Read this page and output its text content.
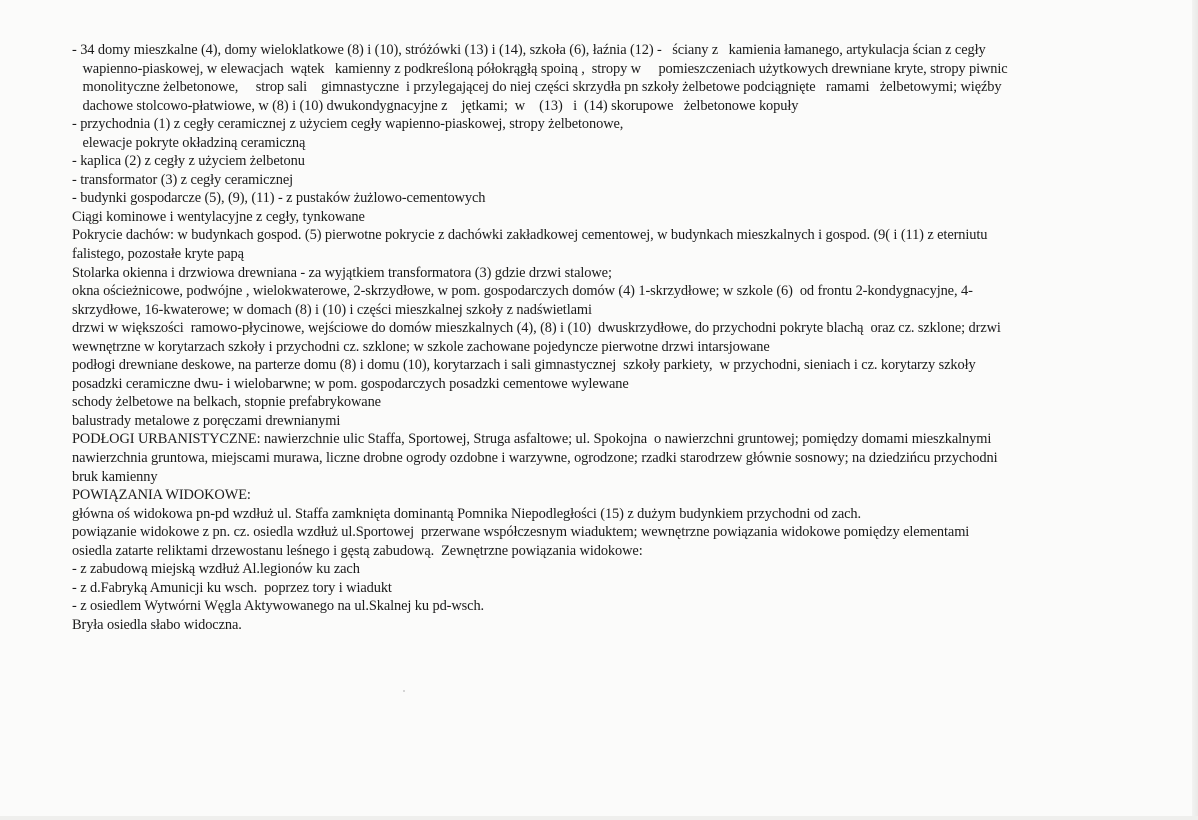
- 34 domy mieszkalne (4), domy wieloklatkowe (8) i (10), stróżówki (13) i (14), szkoła (6), łaźnia (12) -   ściany z   kamienia łamanego, artykulacja ścian z cegły
wapienno-piaskowej, w elewacjach  wątek   kamienny z podkreśloną półokrągłą spoiną ,  stropy w     pomieszczeniach użytkowych drewniane kryte, stropy piwnic
monolityczne żelbetonowe,     strop sali    gimnastyczne  i przylegającej do niej części skrzydła pn szkoły żelbetowe podciągnięte   ramami   żelbetowymi; więźby
dachowe stolcowo-płatwiowe, w (8) i (10) dwukondygnacyjne z    jętkami;  w    (13)   i  (14) skorupowe   żelbetonowe kopuły
- przychodnia (1) z cegły ceramicznej z użyciem cegły wapienno-piaskowej, stropy żelbetonowe,
elewacje pokryte okładziną ceramiczną
- kaplica (2) z cegły z użyciem żelbetonu
- transformator (3) z cegły ceramicznej
- budynki gospodarcze (5), (9), (11) - z pustaków żużlowo-cementowych
Ciągi kominowe i wentylacyjne z cegły, tynkowane
Pokrycie dachów: w budynkach gospod. (5) pierwotne pokrycie z dachówki zakładkowej cementowej, w budynkach mieszkalnych i gospod. (9( i (11) z eterniutu
falistego, pozostałe kryte papą
Stolarka okienna i drzwiowa drewniana - za wyjątkiem transformatora (3) gdzie drzwi stalowe;
okna ościeżnicowe, podwójne , wielokwaterowe, 2-skrzydłowe, w pom. gospodarczych domów (4) 1-skrzydłowe; w szkole (6)  od frontu 2-kondygnacyjne, 4-
skrzydłowe, 16-kwaterowe; w domach (8) i (10) i części mieszkalnej szkoły z nadświetlami
drzwi w większości  ramowo-płycinowe, wejściowe do domów mieszkalnych (4), (8) i (10)  dwuskrzydłowe, do przychodni pokryte blachą  oraz cz. szklone; drzwi
wewnętrzne w korytarzach szkoły i przychodni cz. szklone; w szkole zachowane pojedyncze pierwotne drzwi intarsjowane
podłogi drewniane deskowe, na parterze domu (8) i domu (10), korytarzach i sali gimnastycznej  szkoły parkiety,  w przychodni, sieniach i cz. korytarzy szkoły
posadzki ceramiczne dwu- i wielobarwne; w pom. gospodarczych posadzki cementowe wylewane
schody żelbetowe na belkach, stopnie prefabrykowane
balustrady metalowe z poręczami drewnianymi
PODŁOGI URBANISTYCZNE: nawierzchnie ulic Staffa, Sportowej, Struga asfaltowe; ul. Spokojna  o nawierzchni gruntowej; pomiędzy domami mieszkalnymi
nawierzchnia gruntowa, miejscami murawa, liczne drobne ogrody ozdobne i warzywne, ogrodzone; rzadki starodrzew głównie sosnowy; na dziedzińcu przychodni
bruk kamienny
POWIĄZANIA WIDOKOWE:
główna oś widokowa pn-pd wzdłuż ul. Staffa zamknięta dominantą Pomnika Niepodległości (15) z dużym budynkiem przychodni od zach.
powiązanie widokowe z pn. cz. osiedla wzdłuż ul.Sportowej  przerwane współczesnym wiaduktem; wewnętrzne powiązania widokowe pomiędzy elementami
osiedla zatarte reliktami drzewostanu leśnego i gęstą zabudową.  Zewnętrzne powiązania widokowe:
- z zabudową miejską wzdłuż Al.legionów ku zach
- z d.Fabryką Amunicji ku wsch.  poprzez tory i wiadukt
- z osiedlem Wytwórni Węgla Aktywowanego na ul.Skalnej ku pd-wsch.
Bryła osiedla słabo widoczna.
